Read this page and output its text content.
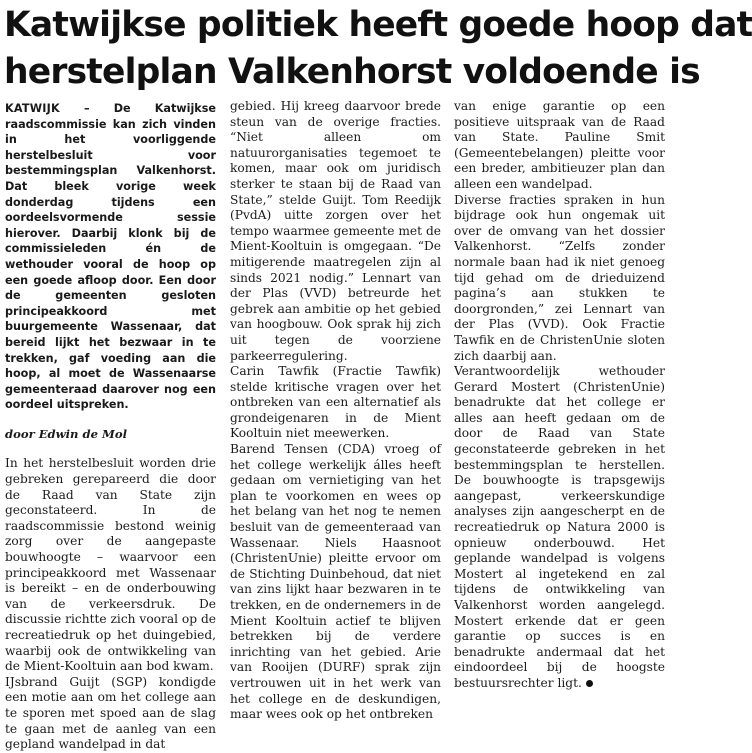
Katwijkse politiek heeft goede hoop dat
herstelplan Valkenhorst voldoende is

KATWIJK – De Katwijkse raadscommissie kan zich vinden in het voorliggende herstelbesluit voor bestemmingsplan Valkenhorst. Dat bleek vorige week donderdag tijdens een oordeelsvormende sessie hierover. Daarbij klonk bij de commissieleden én de wethouder vooral de hoop op een goede afloop door. Een door de gemeenten gesloten principeakkoord met buurgemeente Wassenaar, dat bereid lijkt het bezwaar in te trekken, gaf voeding aan die hoop, al moet de Wassenaarse gemeenteraad daarover nog een oordeel uitspreken.

door Edwin de Mol

In het herstelbesluit worden drie gebreken gerepareerd die door de Raad van State zijn geconstateerd. In de raadscommissie bestond weinig zorg over de aangepaste bouwhoogte – waarvoor een principeakkoord met Wassenaar is bereikt – en de onderbouwing van de verkeersdruk. De discussie richtte zich vooral op de recreatiedruk op het duingebied, waarbij ook de ontwikkeling van de Mient-Kooltuin aan bod kwam.

IJsbrand Guijt (SGP) kondigde een motie aan om het college aan te sporen met spoed aan de slag te gaan met de aanleg van een gepland wandelpad in dat

gebied. Hij kreeg daarvoor brede steun van de overige fracties. “Niet alleen om natuurorganisaties tegemoet te komen, maar ook om juridisch sterker te staan bij de Raad van State,” stelde Guijt. Tom Reedijk (PvdA) uitte zorgen over het tempo waarmee gemeente met de Mient-Kooltuin is omgegaan. “De mitigerende maatregelen zijn al sinds 2021 nodig.” Lennart van der Plas (VVD) betreurde het gebrek aan ambitie op het gebied van hoogbouw. Ook sprak hij zich uit tegen de voorziene parkeerregulering.

Carin Tawfik (Fractie Tawfik) stelde kritische vragen over het ontbreken van een alternatief als grondeigenaren in de Mient Kooltuin niet meewerken.

Barend Tensen (CDA) vroeg of het college werkelijk álles heeft gedaan om vernietiging van het plan te voorkomen en wees op het belang van het nog te nemen besluit van de gemeenteraad van Wassenaar. Niels Haasnoot (ChristenUnie) pleitte ervoor om de Stichting Duinbehoud, dat niet van zins lijkt haar bezwaren in te trekken, en de ondernemers in de Mient Kooltuin actief te blijven betrekken bij de verdere inrichting van het gebied. Arie van Rooijen (DURF) sprak zijn vertrouwen uit in het werk van het college en de deskundigen, maar wees ook op het ontbreken

van enige garantie op een positieve uitspraak van de Raad van State. Pauline Smit (Gemeentebelangen) pleitte voor een breder, ambitieuzer plan dan alleen een wandelpad.

Diverse fracties spraken in hun bijdrage ook hun ongemak uit over de omvang van het dossier Valkenhorst. “Zelfs zonder normale baan had ik niet genoeg tijd gehad om de drieduizend pagina’s aan stukken te doorgronden,” zei Lennart van der Plas (VVD). Ook Fractie Tawfik en de ChristenUnie sloten zich daarbij aan.

Verantwoordelijk wethouder Gerard Mostert (ChristenUnie) benadrukte dat het college er alles aan heeft gedaan om de door de Raad van State geconstateerde gebreken in het bestemmingsplan te herstellen. De bouwhoogte is trapsgewijs aangepast, verkeerskundige analyses zijn aangescherpt en de recreatiedruk op Natura 2000 is opnieuw onderbouwd. Het geplande wandelpad is volgens Mostert al ingetekend en zal tijdens de ontwikkeling van Valkenhorst worden aangelegd. Mostert erkende dat er geen garantie op succes is en benadrukte andermaal dat het eindoordeel bij de hoogste bestuursrechter ligt.
